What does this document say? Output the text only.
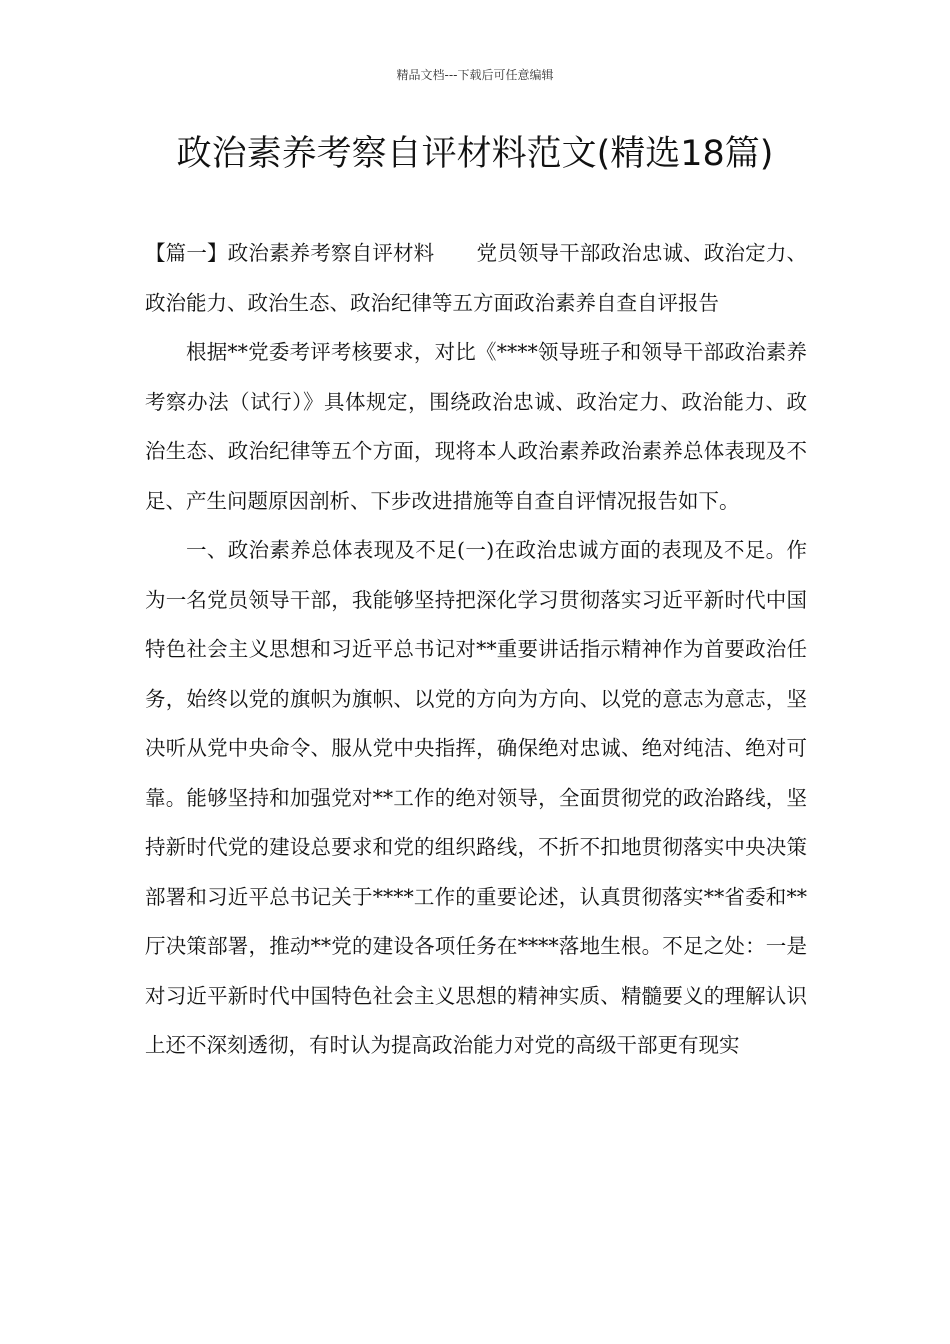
精品文档---下载后可任意编辑
政治素养考察自评材料范文(精选18篇)

【篇一】政治素养考察自评材料 党员领导干部政治忠诚、政治定力、政治能力、政治生态、政治纪律等五方面政治素养自查自评报告

根据**党委考评考核要求，对比《****领导班子和领导干部政治素养考察办法（试行）》具体规定，围绕政治忠诚、政治定力、政治能力、政治生态、政治纪律等五个方面，现将本人政治素养政治素养总体表现及不足、产生问题原因剖析、下步改进措施等自查自评情况报告如下。

一、政治素养总体表现及不足(一)在政治忠诚方面的表现及不足。作为一名党员领导干部，我能够坚持把深化学习贯彻落实习近平新时代中国特色社会主义思想和习近平总书记对**重要讲话指示精神作为首要政治任务，始终以党的旗帜为旗帜、以党的方向为方向、以党的意志为意志，坚决听从党中央命令、服从党中央指挥，确保绝对忠诚、绝对纯洁、绝对可靠。能够坚持和加强党对**工作的绝对领导，全面贯彻党的政治路线，坚持新时代党的建设总要求和党的组织路线，不折不扣地贯彻落实中央决策部署和习近平总书记关于****工作的重要论述，认真贯彻落实**省委和**厅决策部署，推动**党的建设各项任务在****落地生根。不足之处：一是对习近平新时代中国特色社会主义思想的精神实质、精髓要义的理解认识上还不深刻透彻，有时认为提高政治能力对党的高级干部更有现实
